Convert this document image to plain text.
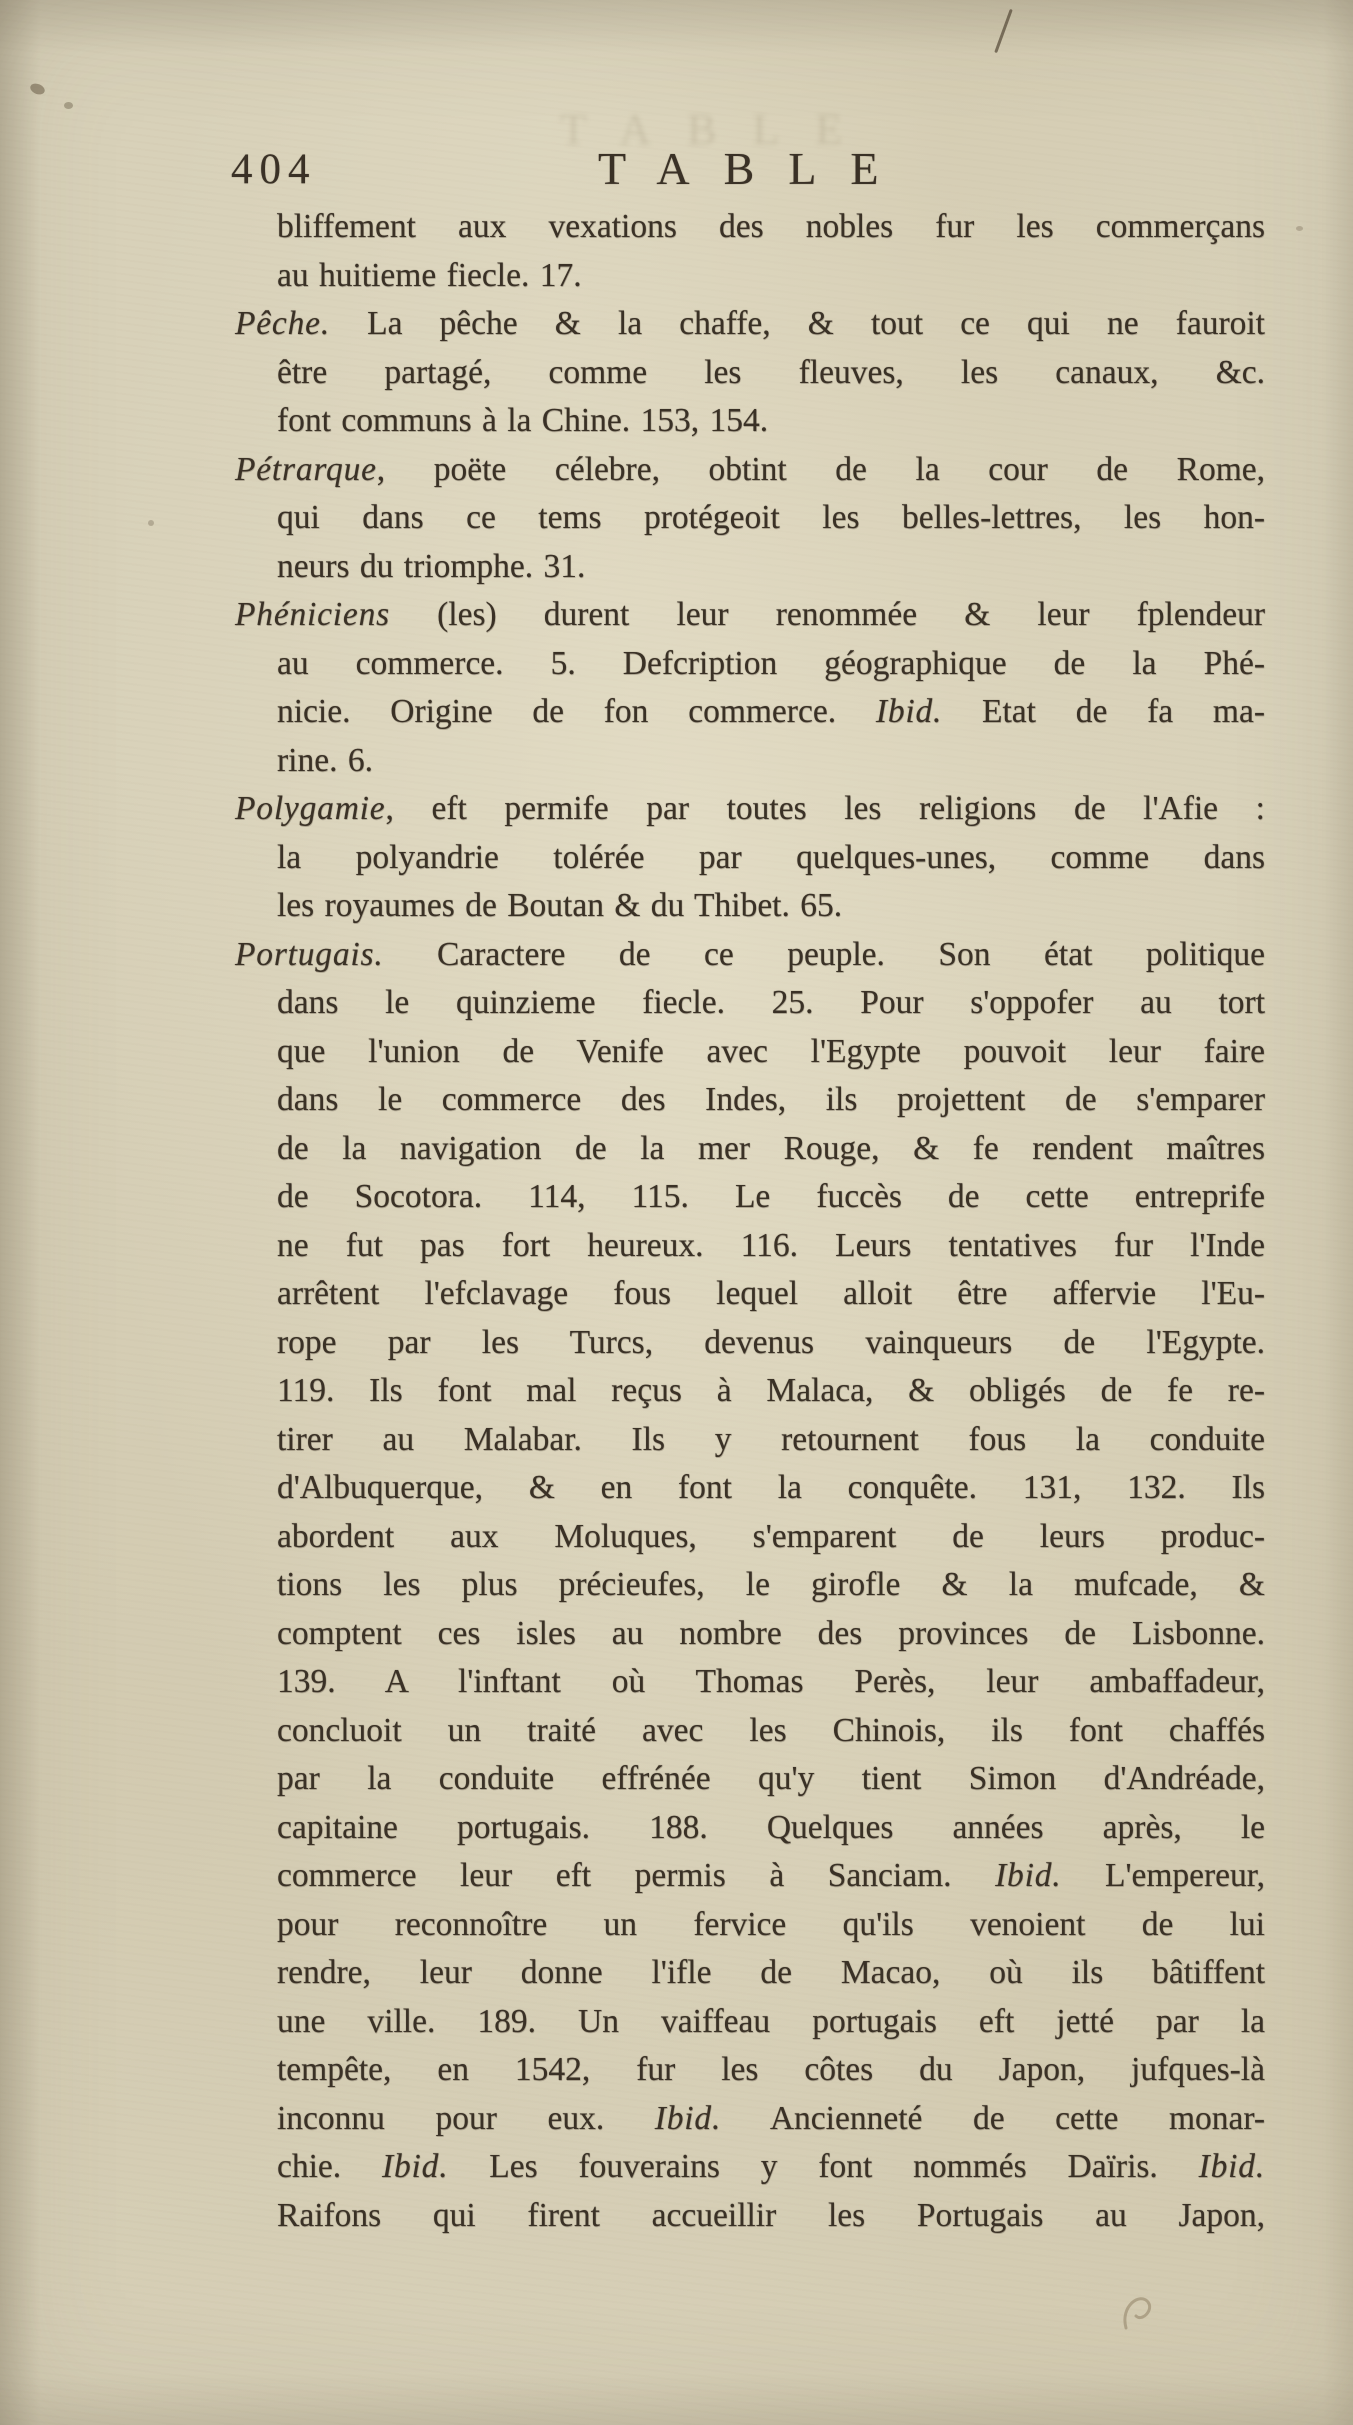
404
TABLE
TABLE
bliffement aux vexations des nobles fur les commerçans
au huitieme fiecle. 17.
Pêche. La pêche & la chaffe, & tout ce qui ne fauroit
être partagé, comme les fleuves, les canaux, &c.
font communs à la Chine. 153, 154.
Pétrarque, poëte célebre, obtint de la cour de Rome,
qui dans ce tems protégeoit les belles-lettres, les hon-
neurs du triomphe. 31.
Phéniciens (les) durent leur renommée & leur fplendeur
au commerce. 5. Defcription géographique de la Phé-
nicie. Origine de fon commerce. Ibid. Etat de fa ma-
rine. 6.
Polygamie, eft permife par toutes les religions de l'Afie :
la polyandrie tolérée par quelques-unes, comme dans
les royaumes de Boutan & du Thibet. 65.
Portugais. Caractere de ce peuple. Son état politique
dans le quinzieme fiecle. 25. Pour s'oppofer au tort
que l'union de Venife avec l'Egypte pouvoit leur faire
dans le commerce des Indes, ils projettent de s'emparer
de la navigation de la mer Rouge, & fe rendent maîtres
de Socotora. 114, 115. Le fuccès de cette entreprife
ne fut pas fort heureux. 116. Leurs tentatives fur l'Inde
arrêtent l'efclavage fous lequel alloit être affervie l'Eu-
rope par les Turcs, devenus vainqueurs de l'Egypte.
119. Ils font mal reçus à Malaca, & obligés de fe re-
tirer au Malabar. Ils y retournent fous la conduite
d'Albuquerque, & en font la conquête. 131, 132. Ils
abordent aux Moluques, s'emparent de leurs produc-
tions les plus précieufes, le girofle & la mufcade, &
comptent ces isles au nombre des provinces de Lisbonne.
139. A l'inftant où Thomas Perès, leur ambaffadeur,
concluoit un traité avec les Chinois, ils font chaffés
par la conduite effrénée qu'y tient Simon d'Andréade,
capitaine portugais. 188. Quelques années après, le
commerce leur eft permis à Sanciam. Ibid. L'empereur,
pour reconnoître un fervice qu'ils venoient de lui
rendre, leur donne l'ifle de Macao, où ils bâtiffent
une ville. 189. Un vaiffeau portugais eft jetté par la
tempête, en 1542, fur les côtes du Japon, jufques-là
inconnu pour eux. Ibid. Ancienneté de cette monar-
chie. Ibid. Les fouverains y font nommés Daïris. Ibid.
Raifons qui firent accueillir les Portugais au Japon,
